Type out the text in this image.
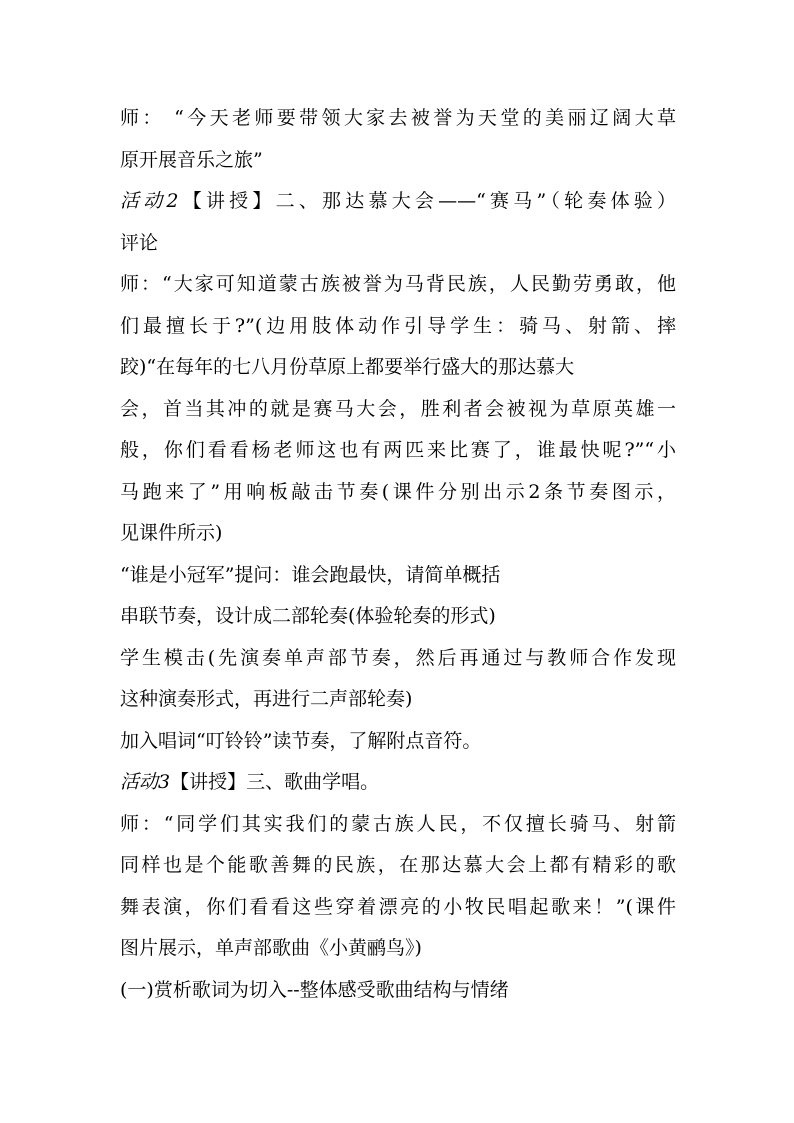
师： “今天老师要带领大家去被誉为天堂的美丽辽阔大草
原开展音乐之旅”
活动2【讲授】二、那达慕大会——“赛马”（轮奏体验）
评论
师：“大家可知道蒙古族被誉为马背民族，人民勤劳勇敢，他
们最擅长于?”(边用肢体动作引导学生：骑马、射箭、摔
跤)“在每年的七八月份草原上都要举行盛大的那达慕大
会，首当其冲的就是赛马大会，胜利者会被视为草原英雄一
般，你们看看杨老师这也有两匹来比赛了，谁最快呢?”“小
马跑来了”用响板敲击节奏(课件分别出示2条节奏图示，
见课件所示)
“谁是小冠军”提问：谁会跑最快，请简单概括
串联节奏，设计成二部轮奏(体验轮奏的形式)
学生模击(先演奏单声部节奏，然后再通过与教师合作发现
这种演奏形式，再进行二声部轮奏)
加入唱词“叮铃铃”读节奏，了解附点音符。
活动3【讲授】三、歌曲学唱。
师：“同学们其实我们的蒙古族人民，不仅擅长骑马、射箭
同样也是个能歌善舞的民族，在那达慕大会上都有精彩的歌
舞表演，你们看看这些穿着漂亮的小牧民唱起歌来！”(课件
图片展示，单声部歌曲《小黄鹂鸟》)
(一)赏析歌词为切入--整体感受歌曲结构与情绪
